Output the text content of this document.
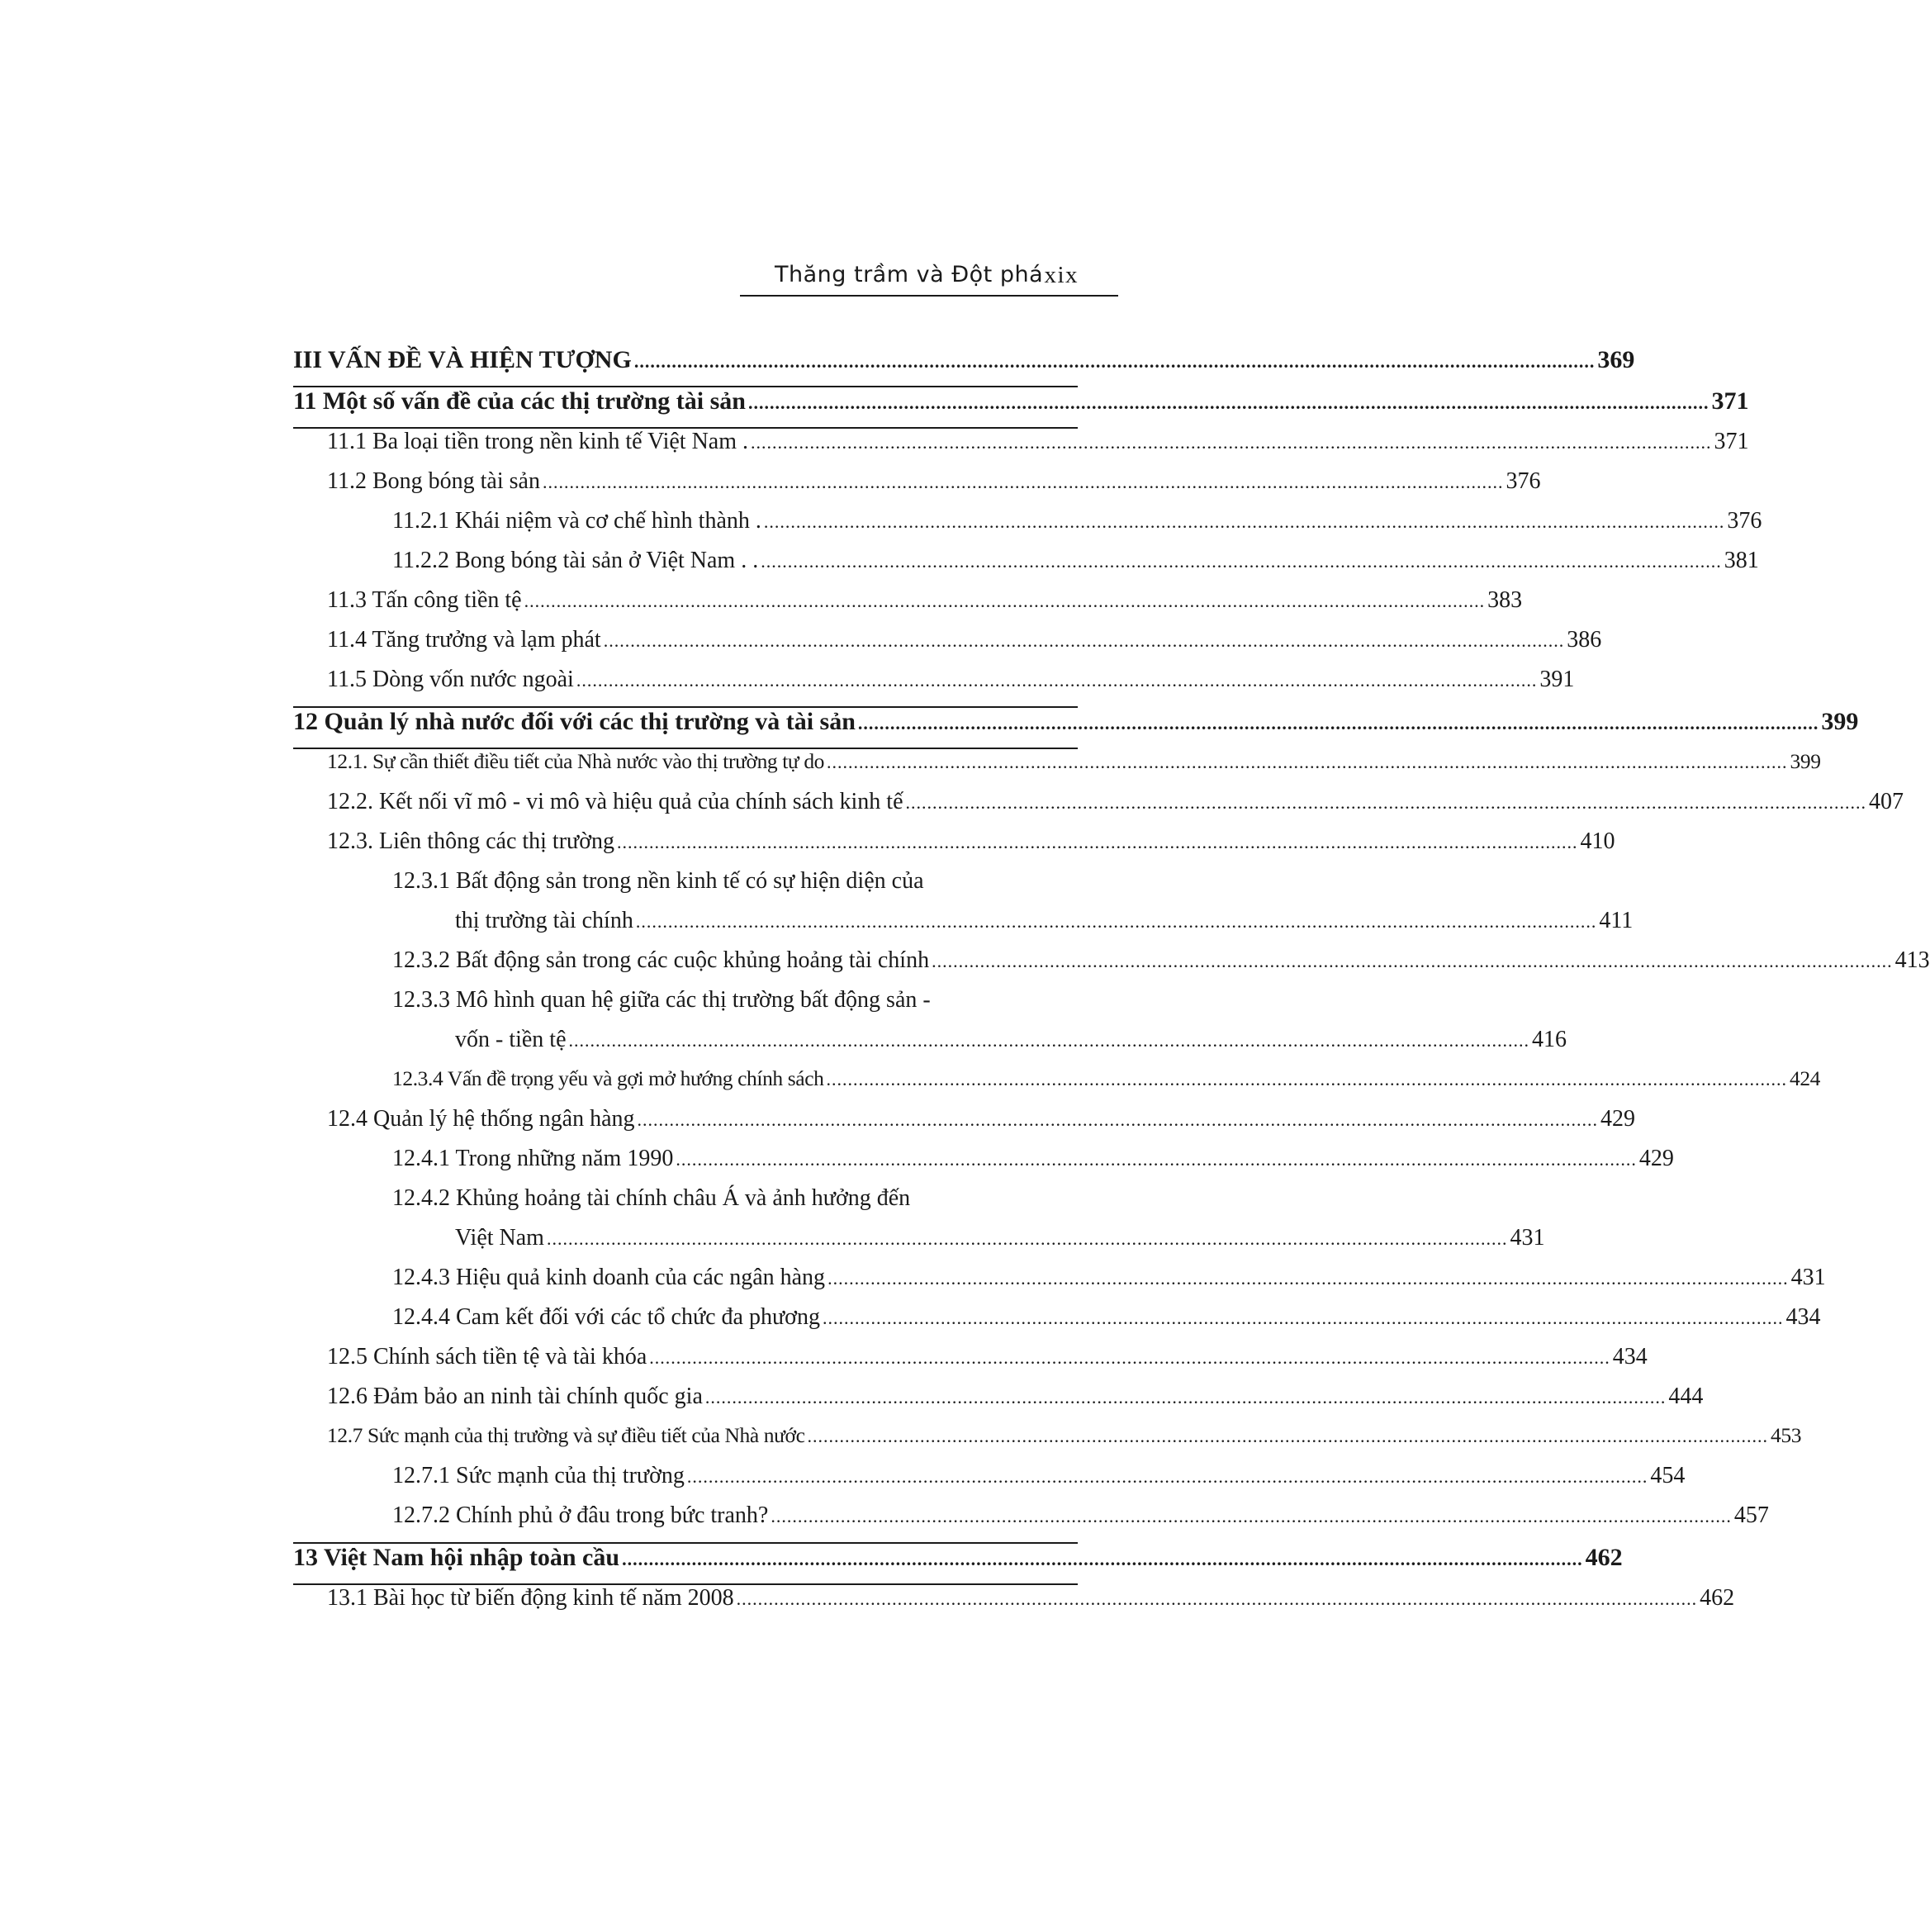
Thăng trầm và Đột phá xix
III VẤN ĐỀ VÀ HIỆN TƯỢNG ................................................................................................................................................................................... 369
11 Một số vấn đề của các thị trường tài sản ................................................................................................................................................................................... 371
11.1 Ba loại tiền trong nền kinh tế Việt Nam . ................................................................................................................................................................................... 371
11.2 Bong bóng tài sản ................................................................................................................................................................................... 376
11.2.1 Khái niệm và cơ chế hình thành . ................................................................................................................................................................................... 376
11.2.2 Bong bóng tài sản ở Việt Nam . . ................................................................................................................................................................................... 381
11.3 Tấn công tiền tệ ................................................................................................................................................................................... 383
11.4 Tăng trưởng và lạm phát ................................................................................................................................................................................... 386
11.5 Dòng vốn nước ngoài ................................................................................................................................................................................... 391
12 Quản lý nhà nước đối với các thị trường và tài sản ................................................................................................................................................................................... 399
12.1. Sự cần thiết điều tiết của Nhà nước vào thị trường tự do ................................................................................................................................................................................... 399
12.2. Kết nối vĩ mô - vi mô và hiệu quả của chính sách kinh tế ................................................................................................................................................................................... 407
12.3. Liên thông các thị trường ................................................................................................................................................................................... 410
12.3.1 Bất động sản trong nền kinh tế có sự hiện diện của
thị trường tài chính ................................................................................................................................................................................... 411
12.3.2 Bất động sản trong các cuộc khủng hoảng tài chính ................................................................................................................................................................................... 413
12.3.3 Mô hình quan hệ giữa các thị trường bất động sản -
vốn - tiền tệ ................................................................................................................................................................................... 416
12.3.4 Vấn đề trọng yếu và gợi mở hướng chính sách ................................................................................................................................................................................... 424
12.4 Quản lý hệ thống ngân hàng ................................................................................................................................................................................... 429
12.4.1 Trong những năm 1990 ................................................................................................................................................................................... 429
12.4.2 Khủng hoảng tài chính châu Á và ảnh hưởng đến
Việt Nam ................................................................................................................................................................................... 431
12.4.3 Hiệu quả kinh doanh của các ngân hàng ................................................................................................................................................................................... 431
12.4.4 Cam kết đối với các tổ chức đa phương ................................................................................................................................................................................... 434
12.5 Chính sách tiền tệ và tài khóa ................................................................................................................................................................................... 434
12.6 Đảm bảo an ninh tài chính quốc gia ................................................................................................................................................................................... 444
12.7 Sức mạnh của thị trường và sự điều tiết của Nhà nước ................................................................................................................................................................................... 453
12.7.1 Sức mạnh của thị trường ................................................................................................................................................................................... 454
12.7.2 Chính phủ ở đâu trong bức tranh? ................................................................................................................................................................................... 457
13 Việt Nam hội nhập toàn cầu ................................................................................................................................................................................... 462
13.1 Bài học từ biến động kinh tế năm 2008 ................................................................................................................................................................................... 462
